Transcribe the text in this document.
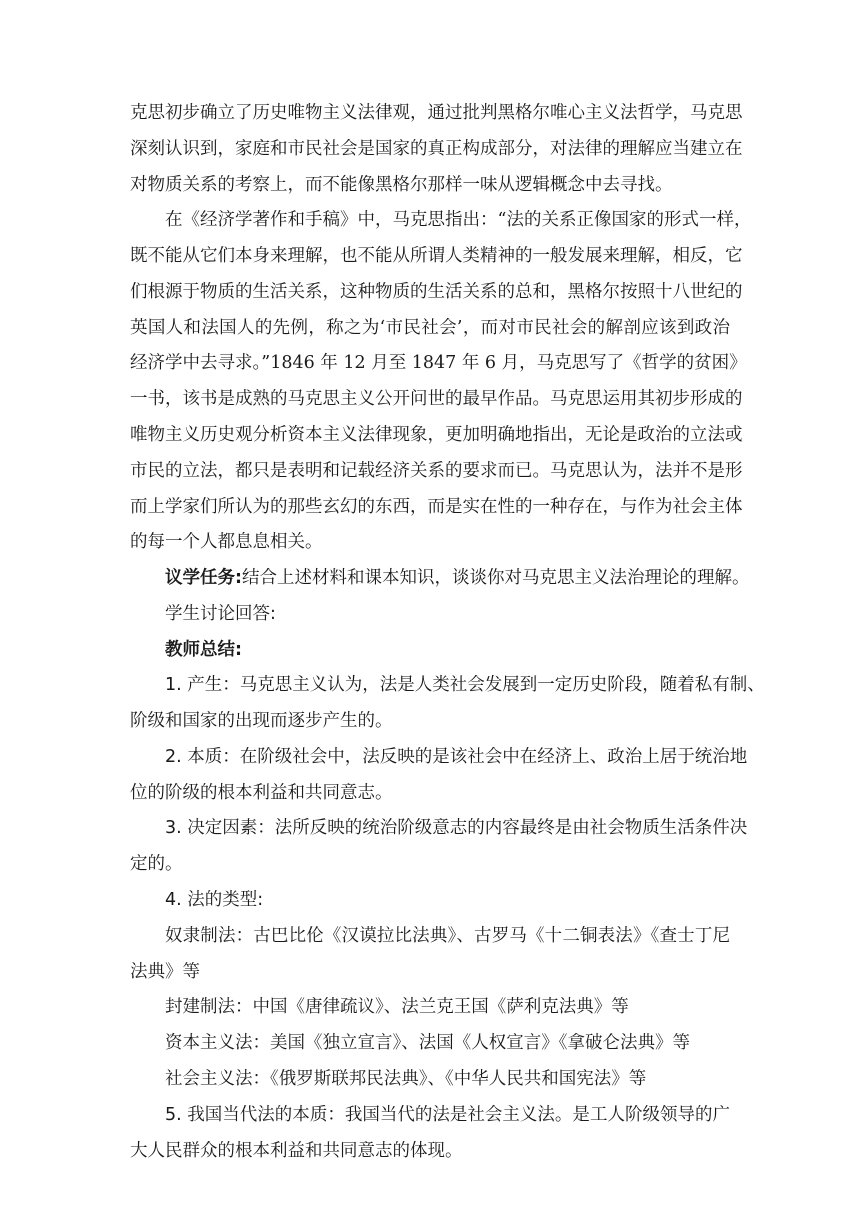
克思初步确立了历史唯物主义法律观，通过批判黑格尔唯心主义法哲学，马克思
深刻认识到，家庭和市民社会是国家的真正构成部分，对法律的理解应当建立在
对物质关系的考察上，而不能像黑格尔那样一味从逻辑概念中去寻找。
在《经济学著作和手稿》中，马克思指出：“法的关系正像国家的形式一样，
既不能从它们本身来理解，也不能从所谓人类精神的一般发展来理解，相反，它
们根源于物质的生活关系，这种物质的生活关系的总和，黑格尔按照十八世纪的
英国人和法国人的先例，称之为‘市民社会’，而对市民社会的解剖应该到政治
经济学中去寻求。”1846 年 12 月至 1847 年 6 月，马克思写了《哲学的贫困》
一书，该书是成熟的马克思主义公开问世的最早作品。马克思运用其初步形成的
唯物主义历史观分析资本主义法律现象，更加明确地指出，无论是政治的立法或
市民的立法，都只是表明和记载经济关系的要求而已。马克思认为，法并不是形
而上学家们所认为的那些玄幻的东西，而是实在性的一种存在，与作为社会主体
的每一个人都息息相关。
议学任务:结合上述材料和课本知识，谈谈你对马克思主义法治理论的理解。
学生讨论回答:
教师总结:
1. 产生：马克思主义认为，法是人类社会发展到一定历史阶段，随着私有制、
阶级和国家的出现而逐步产生的。
2. 本质：在阶级社会中，法反映的是该社会中在经济上、政治上居于统治地
位的阶级的根本利益和共同意志。
3. 决定因素：法所反映的统治阶级意志的内容最终是由社会物质生活条件决
定的。
4. 法的类型:
奴隶制法：古巴比伦《汉谟拉比法典》、古罗马《十二铜表法》《查士丁尼
法典》等
封建制法：中国《唐律疏议》、法兰克王国《萨利克法典》等
资本主义法：美国《独立宣言》、法国《人权宣言》《拿破仑法典》等
社会主义法：《俄罗斯联邦民法典》、《中华人民共和国宪法》等
5. 我国当代法的本质：我国当代的法是社会主义法。是工人阶级领导的广
大人民群众的根本利益和共同意志的体现。
